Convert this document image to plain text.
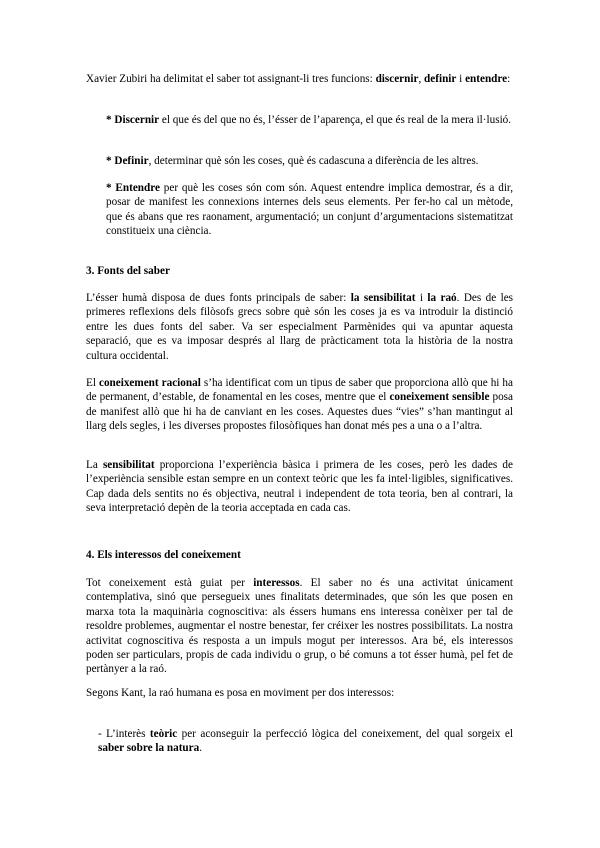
Xavier Zubiri ha delimitat el saber tot assignant-li tres funcions: discernir, definir i entendre:

* Discernir el que és del que no és, l’ésser de l’aparença, el que és real de la mera il·lusió.

* Definir, determinar què són les coses, què és cadascuna a diferència de les altres.

* Entendre per què les coses són com són. Aquest entendre implica demostrar, és a dir, posar de manifest les connexions internes dels seus elements. Per fer-ho cal un mètode, que és abans que res raonament, argumentació; un conjunt d’argumentacions sistematitzat constitueix una ciència.

3. Fonts del saber

L’ésser humà disposa de dues fonts principals de saber: la sensibilitat i la raó. Des de les primeres reflexions dels filòsofs grecs sobre què són les coses ja es va introduir la distinció entre les dues fonts del saber. Va ser especialment Parmènides qui va apuntar aquesta separació, que es va imposar després al llarg de pràcticament tota la història de la nostra cultura occidental.

El coneixement racional s’ha identificat com un tipus de saber que proporciona allò que hi ha de permanent, d’estable, de fonamental en les coses, mentre que el coneixement sensible posa de manifest allò que hi ha de canviant en les coses. Aquestes dues “vies” s’han mantingut al llarg dels segles, i les diverses propostes filosòfiques han donat més pes a una o a l’altra.

La sensibilitat proporciona l’experiència bàsica i primera de les coses, però les dades de l’experiència sensible estan sempre en un context teòric que les fa intel·ligibles, significatives. Cap dada dels sentits no és objectiva, neutral i independent de tota teoria, ben al contrari, la seva interpretació depèn de la teoria acceptada en cada cas.

4. Els interessos del coneixement

Tot coneixement està guiat per interessos. El saber no és una activitat únicament contemplativa, sinó que persegueix unes finalitats determinades, que són les que posen en marxa tota la maquinària cognoscitiva: als éssers humans ens interessa conèixer per tal de resoldre problemes, augmentar el nostre benestar, fer créixer les nostres possibilitats. La nostra activitat cognoscitiva és resposta a un impuls mogut per interessos. Ara bé, els interessos poden ser particulars, propis de cada individu o grup, o bé comuns a tot ésser humà, pel fet de pertànyer a la raó.

Segons Kant, la raó humana es posa en moviment per dos interessos:

- L’interès teòric per aconseguir la perfecció lògica del coneixement, del qual sorgeix el saber sobre la natura.
